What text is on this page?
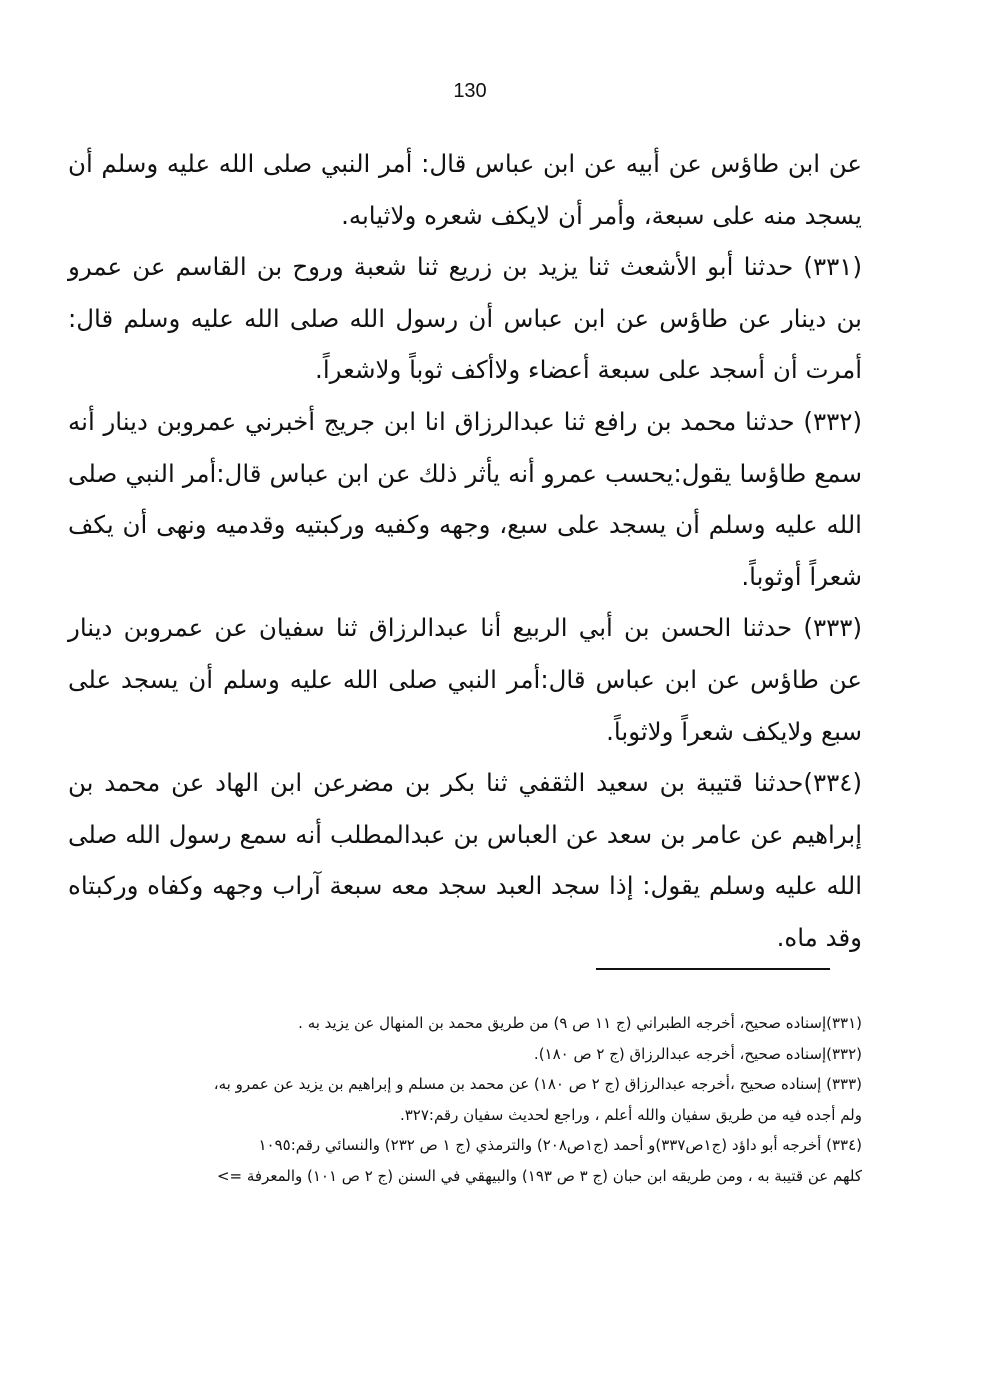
130

عن ابن طاؤس عن أبيه عن ابن عباس قال: أمر النبي صلى الله عليه وسلم أن يسجد منه على سبعة، وأمر أن لايكف شعره ولاثيابه.

(٣٣١) حدثنا أبو الأشعث ثنا يزيد بن زريع ثنا شعبة وروح بن القاسم عن عمرو بن دينار عن طاؤس عن ابن عباس أن رسول الله صلى الله عليه وسلم قال: أمرت أن أسجد على سبعة أعضاء ولاأكف ثوباً ولاشعراً.

(٣٣٢) حدثنا محمد بن رافع ثنا عبدالرزاق انا ابن جريج أخبرني عمروبن دينار أنه سمع طاؤسا يقول:يحسب عمرو أنه يأثر ذلك عن ابن عباس قال:أمر النبي صلى الله عليه وسلم أن يسجد على سبع، وجهه وكفيه وركبتيه وقدميه ونهى أن يكف شعراً أوثوباً.

(٣٣٣) حدثنا الحسن بن أبي الربيع أنا عبدالرزاق ثنا سفيان عن عمروبن دينار عن طاؤس عن ابن عباس قال:أمر النبي صلى الله عليه وسلم أن يسجد على سبع ولايكف شعراً ولاثوباً.

(٣٣٤)حدثنا قتيبة بن سعيد الثقفي ثنا بكر بن مضرعن ابن الهاد عن محمد بن إبراهيم عن عامر بن سعد عن العباس بن عبدالمطلب أنه سمع رسول الله صلى الله عليه وسلم يقول: إذا سجد العبد سجد معه سبعة آراب وجهه وكفاه وركبتاه وقد ماه.

(٣٣١)إسناده صحيح، أخرجه الطبراني (ج ١١ ص ٩) من طريق محمد بن المنهال عن يزيد به .

(٣٣٢)إسناده صحيح، أخرجه عبدالرزاق (ج ٢ ص ١٨٠).

(٣٣٣) إسناده صحيح ،أخرجه عبدالرزاق (ج ٢ ص ١٨٠) عن محمد بن مسلم و إبراهيم بن يزيد عن عمرو به،

ولم أجده فيه من طريق سفيان والله أعلم ، وراجع لحديث سفيان رقم:٣٢٧.

(٣٣٤) أخرجه أبو داؤد (ج١ص٣٣٧)و أحمد (ج١ص٢٠٨) والترمذي (ج ١ ص ٢٣٢) والنسائي رقم:١٠٩٥

كلهم عن قتيبة به ، ومن طريقه ابن حبان (ج ٣ ص ١٩٣) والبيهقي في السنن (ج ٢ ص ١٠١) والمعرفة =>
